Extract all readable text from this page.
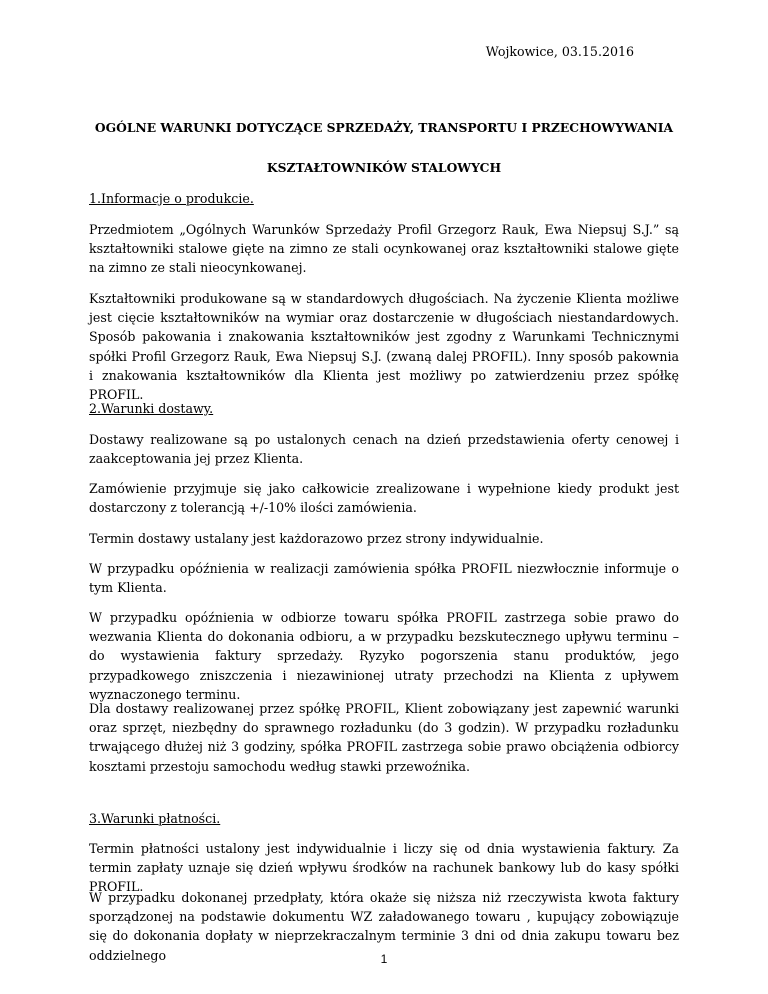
Wojkowice, 03.15.2016
OGÓLNE WARUNKI DOTYCZĄCE SPRZEDAŻY, TRANSPORTU I PRZECHOWYWANIA
KSZTAŁTOWNIKÓW STALOWYCH
1.Informacje o produkcie.
Przedmiotem „Ogólnych Warunków Sprzedaży Profil Grzegorz Rauk, Ewa Niepsuj S.J.” są kształtowniki stalowe gięte na zimno ze stali ocynkowanej oraz kształtowniki stalowe gięte na zimno ze stali nieocynkowanej.
Kształtowniki produkowane są w standardowych długościach. Na życzenie Klienta możliwe jest cięcie kształtowników na wymiar oraz dostarczenie w długościach niestandardowych. Sposób pakowania i znakowania kształtowników jest zgodny z Warunkami Technicznymi spółki Profil Grzegorz Rauk, Ewa Niepsuj S.J. (zwaną dalej PROFIL). Inny sposób pakownia i znakowania kształtowników dla Klienta jest możliwy po zatwierdzeniu przez spółkę PROFIL.
2.Warunki dostawy.
Dostawy realizowane są po ustalonych cenach na dzień przedstawienia oferty cenowej i zaakceptowania jej przez Klienta.
Zamówienie przyjmuje się jako całkowicie zrealizowane i wypełnione kiedy produkt jest dostarczony z tolerancją +/-10% ilości zamówienia.
Termin dostawy ustalany jest każdorazowo przez strony indywidualnie.
W przypadku opóźnienia w realizacji zamówienia spółka PROFIL niezwłocznie informuje o tym Klienta.
W przypadku opóźnienia w odbiorze towaru spółka PROFIL zastrzega sobie prawo do wezwania Klienta do dokonania odbioru, a w przypadku bezskutecznego upływu terminu – do wystawienia faktury sprzedaży. Ryzyko pogorszenia stanu produktów, jego przypadkowego zniszczenia i niezawinionej utraty przechodzi na Klienta z upływem wyznaczonego terminu.
Dla dostawy realizowanej przez spółkę PROFIL, Klient zobowiązany jest zapewnić warunki oraz sprzęt, niezbędny do sprawnego rozładunku (do 3 godzin). W przypadku rozładunku trwającego dłużej niż 3 godziny, spółka PROFIL zastrzega sobie prawo obciążenia odbiorcy kosztami przestoju samochodu według stawki przewoźnika.
3.Warunki płatności.
Termin płatności ustalony jest indywidualnie i liczy się od dnia wystawienia faktury. Za termin zapłaty uznaje się dzień wpływu środków na rachunek bankowy lub do kasy spółki PROFIL.
W przypadku dokonanej przedpłaty, która okaże się niższa niż rzeczywista kwota faktury sporządzonej na podstawie dokumentu WZ załadowanego towaru , kupujący zobowiązuje się do dokonania dopłaty w nieprzekraczalnym terminie 3 dni od dnia zakupu towaru bez oddzielnego	1
